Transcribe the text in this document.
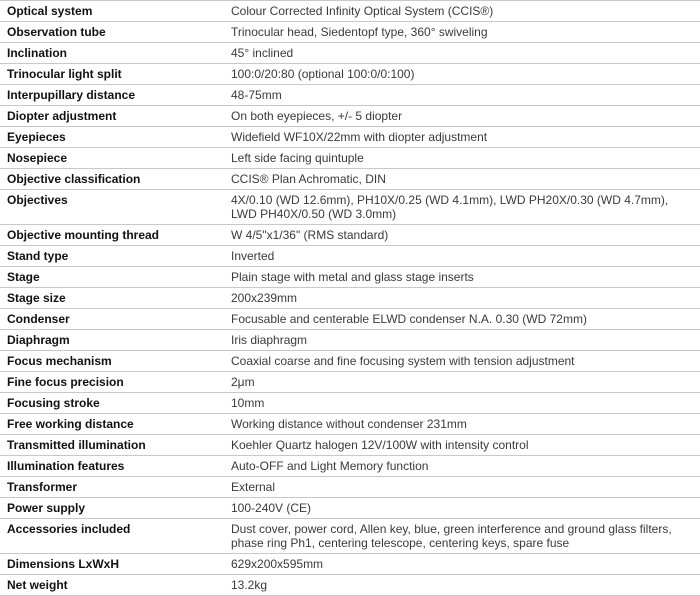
Optical system	Colour Corrected Infinity Optical System (CCIS®)
Observation tube	Trinocular head, Siedentopf type, 360° swiveling
Inclination	45° inclined
Trinocular light split	100:0/20:80 (optional 100:0/0:100)
Interpupillary distance	48-75mm
Diopter adjustment	On both eyepieces, +/- 5 diopter
Eyepieces	Widefield WF10X/22mm with diopter adjustment
Nosepiece	Left side facing quintuple
Objective classification	CCIS® Plan Achromatic, DIN
Objectives	4X/0.10 (WD 12.6mm), PH10X/0.25 (WD 4.1mm), LWD PH20X/0.30 (WD 4.7mm),
LWD PH40X/0.50 (WD 3.0mm)
Objective mounting thread	W 4/5"x1/36" (RMS standard)
Stand type	Inverted
Stage	Plain stage with metal and glass stage inserts
Stage size	200x239mm
Condenser	Focusable and centerable ELWD condenser N.A. 0.30 (WD 72mm)
Diaphragm	Iris diaphragm
Focus mechanism	Coaxial coarse and fine focusing system with tension adjustment
Fine focus precision	2μm
Focusing stroke	10mm
Free working distance	Working distance without condenser 231mm
Transmitted illumination	Koehler Quartz halogen 12V/100W with intensity control
Illumination features	Auto-OFF and Light Memory function
Transformer	External
Power supply	100-240V (CE)
Accessories included	Dust cover, power cord, Allen key, blue, green interference and ground glass filters,
phase ring Ph1, centering telescope, centering keys, spare fuse
Dimensions LxWxH	629x200x595mm
Net weight	13.2kg
